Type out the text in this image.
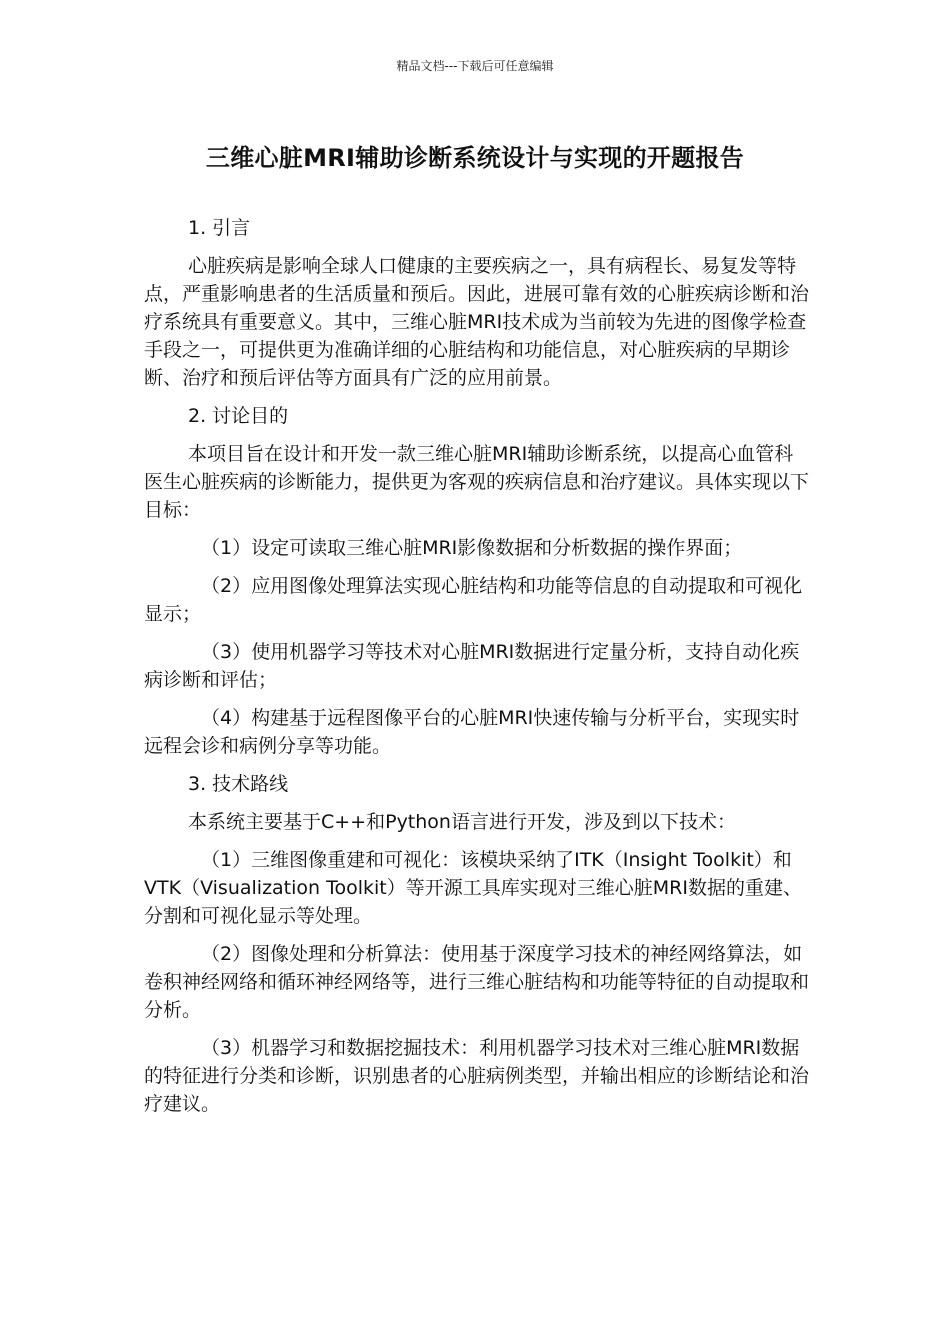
精品文档---下载后可任意编辑
三维心脏MRI辅助诊断系统设计与实现的开题报告

1. 引言

心脏疾病是影响全球人口健康的主要疾病之一，具有病程长、易复发等特点，严重影响患者的生活质量和预后。因此，进展可靠有效的心脏疾病诊断和治疗系统具有重要意义。其中，三维心脏MRI技术成为当前较为先进的图像学检查手段之一，可提供更为准确详细的心脏结构和功能信息，对心脏疾病的早期诊断、治疗和预后评估等方面具有广泛的应用前景。

2. 讨论目的

本项目旨在设计和开发一款三维心脏MRI辅助诊断系统，以提高心血管科医生心脏疾病的诊断能力，提供更为客观的疾病信息和治疗建议。具体实现以下目标：

（1）设定可读取三维心脏MRI影像数据和分析数据的操作界面；

（2）应用图像处理算法实现心脏结构和功能等信息的自动提取和可视化显示；

（3）使用机器学习等技术对心脏MRI数据进行定量分析，支持自动化疾病诊断和评估；

（4）构建基于远程图像平台的心脏MRI快速传输与分析平台，实现实时远程会诊和病例分享等功能。

3. 技术路线

本系统主要基于C++和Python语言进行开发，涉及到以下技术：

（1）三维图像重建和可视化：该模块采纳了ITK（Insight Toolkit）和VTK（Visualization Toolkit）等开源工具库实现对三维心脏MRI数据的重建、分割和可视化显示等处理。

（2）图像处理和分析算法：使用基于深度学习技术的神经网络算法，如卷积神经网络和循环神经网络等，进行三维心脏结构和功能等特征的自动提取和分析。

（3）机器学习和数据挖掘技术：利用机器学习技术对三维心脏MRI数据的特征进行分类和诊断，识别患者的心脏病例类型，并输出相应的诊断结论和治疗建议。
